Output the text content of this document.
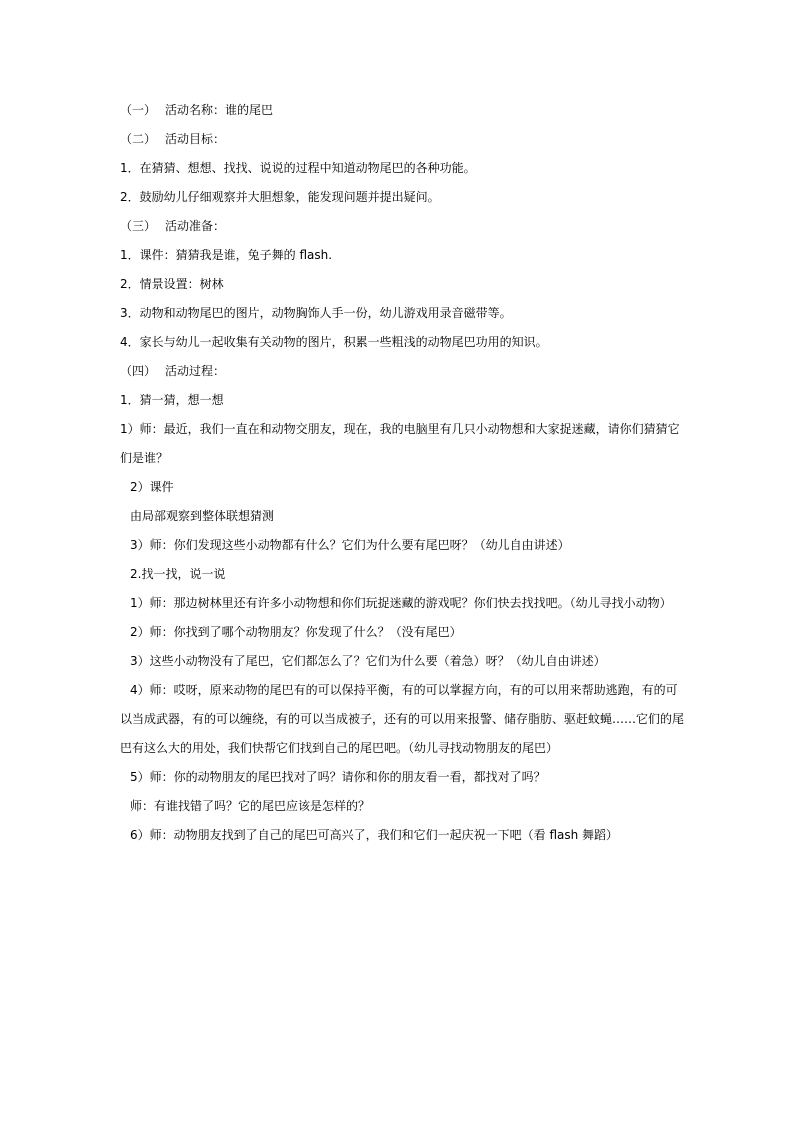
（一） 活动名称：谁的尾巴
（二） 活动目标：
1．在猜猜、想想、找找、说说的过程中知道动物尾巴的各种功能。
2．鼓励幼儿仔细观察并大胆想象，能发现问题并提出疑问。
（三） 活动准备：
1．课件：猜猜我是谁，兔子舞的 flash.
2．情景设置：树林
3．动物和动物尾巴的图片，动物胸饰人手一份，幼儿游戏用录音磁带等。
4．家长与幼儿一起收集有关动物的图片，积累一些粗浅的动物尾巴功用的知识。
（四） 活动过程：
1．猜一猜，想一想
1）师：最近，我们一直在和动物交朋友，现在，我的电脑里有几只小动物想和大家捉迷藏，请你们猜猜它
们是谁？
2）课件
由局部观察到整体联想猜测
3）师：你们发现这些小动物都有什么？它们为什么要有尾巴呀？（幼儿自由讲述）
2.找一找，说一说
1）师：那边树林里还有许多小动物想和你们玩捉迷藏的游戏呢？你们快去找找吧。（幼儿寻找小动物）
2）师：你找到了哪个动物朋友？你发现了什么？（没有尾巴）
3）这些小动物没有了尾巴，它们都怎么了？它们为什么要（着急）呀？（幼儿自由讲述）
4）师：哎呀，原来动物的尾巴有的可以保持平衡，有的可以掌握方向，有的可以用来帮助逃跑，有的可
以当成武器，有的可以缠绕，有的可以当成被子，还有的可以用来报警、储存脂肪、驱赶蚊蝇……它们的尾
巴有这么大的用处，我们快帮它们找到自己的尾巴吧。（幼儿寻找动物朋友的尾巴）
5）师：你的动物朋友的尾巴找对了吗？请你和你的朋友看一看，都找对了吗？
师：有谁找错了吗？它的尾巴应该是怎样的？
6）师：动物朋友找到了自己的尾巴可高兴了，我们和它们一起庆祝一下吧（看 flash 舞蹈）
